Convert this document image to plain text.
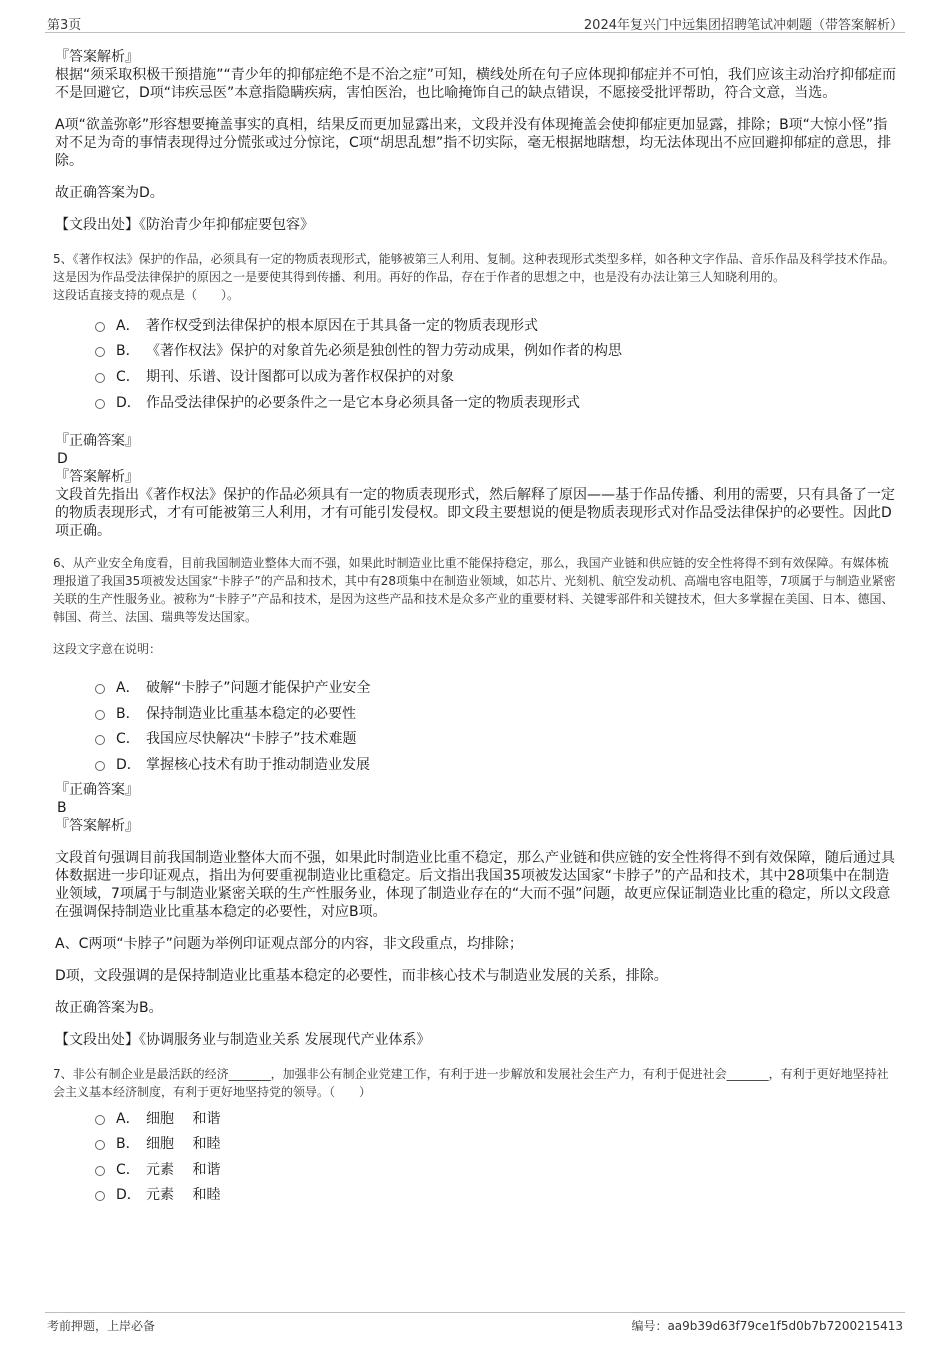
第3页	2024年复兴门中远集团招聘笔试冲刺题（带答案解析）

『答案解析』

根据“须采取积极干预措施”“青少年的抑郁症绝不是不治之症”可知，横线处所在句子应体现抑郁症并不可怕，我们应该主动治疗抑郁症而不是回避它，D项“讳疾忌医”本意指隐瞒疾病，害怕医治，也比喻掩饰自己的缺点错误，不愿接受批评帮助，符合文意，当选。

A项“欲盖弥彰”形容想要掩盖事实的真相，结果反而更加显露出来，文段并没有体现掩盖会使抑郁症更加显露，排除；B项“大惊小怪”指对不足为奇的事情表现得过分慌张或过分惊诧，C项“胡思乱想”指不切实际，毫无根据地瞎想，均无法体现出不应回避抑郁症的意思，排除。

故正确答案为D。

【文段出处】《防治青少年抑郁症要包容》

5、《著作权法》保护的作品，必须具有一定的物质表现形式，能够被第三人利用、复制。这种表现形式类型多样，如各种文字作品、音乐作品及科学技术作品。这是因为作品受法律保护的原因之一是要使其得到传播、利用。再好的作品，存在于作者的思想之中，也是没有办法让第三人知晓利用的。

这段话直接支持的观点是（　　）。

A． 著作权受到法律保护的根本原因在于其具备一定的物质表现形式
B． 《著作权法》保护的对象首先必须是独创性的智力劳动成果，例如作者的构思
C． 期刊、乐谱、设计图都可以成为著作权保护的对象
D． 作品受法律保护的必要条件之一是它本身必须具备一定的物质表现形式

『正确答案』

D

『答案解析』

文段首先指出《著作权法》保护的作品必须具有一定的物质表现形式，然后解释了原因——基于作品传播、利用的需要，只有具备了一定的物质表现形式，才有可能被第三人利用，才有可能引发侵权。即文段主要想说的便是物质表现形式对作品受法律保护的必要性。因此D项正确。

6、从产业安全角度看，目前我国制造业整体大而不强，如果此时制造业比重不能保持稳定，那么，我国产业链和供应链的安全性将得不到有效保障。有媒体梳理报道了我国35项被发达国家“卡脖子”的产品和技术，其中有28项集中在制造业领域，如芯片、光刻机、航空发动机、高端电容电阻等，7项属于与制造业紧密关联的生产性服务业。被称为“卡脖子”产品和技术，是因为这些产品和技术是众多产业的重要材料、关键零部件和关键技术，但大多掌握在美国、日本、德国、韩国、荷兰、法国、瑞典等发达国家。

这段文字意在说明：

A． 破解“卡脖子”问题才能保护产业安全
B． 保持制造业比重基本稳定的必要性
C． 我国应尽快解决“卡脖子”技术难题
D． 掌握核心技术有助于推动制造业发展

『正确答案』

B

『答案解析』

文段首句强调目前我国制造业整体大而不强，如果此时制造业比重不稳定，那么产业链和供应链的安全性将得不到有效保障，随后通过具体数据进一步印证观点，指出为何要重视制造业比重稳定。后文指出我国35项被发达国家“卡脖子”的产品和技术，其中28项集中在制造业领域，7项属于与制造业紧密关联的生产性服务业，体现了制造业存在的“大而不强”问题，故更应保证制造业比重的稳定，所以文段意在强调保持制造业比重基本稳定的必要性，对应B项。

A、C两项“卡脖子”问题为举例印证观点部分的内容，非文段重点，均排除；

D项，文段强调的是保持制造业比重基本稳定的必要性，而非核心技术与制造业发展的关系，排除。

故正确答案为B。

【文段出处】《协调服务业与制造业关系 发展现代产业体系》

7、非公有制企业是最活跃的经济_______，加强非公有制企业党建工作，有利于进一步解放和发展社会生产力，有利于促进社会_______，有利于更好地坚持社会主义基本经济制度，有利于更好地坚持党的领导。（　　）

A． 细胞　 和谐
B． 细胞　 和睦
C． 元素　 和谐
D． 元素　 和睦
考前押题，上岸必备	编号：aa9b39d63f79ce1f5d0b7b7200215413
